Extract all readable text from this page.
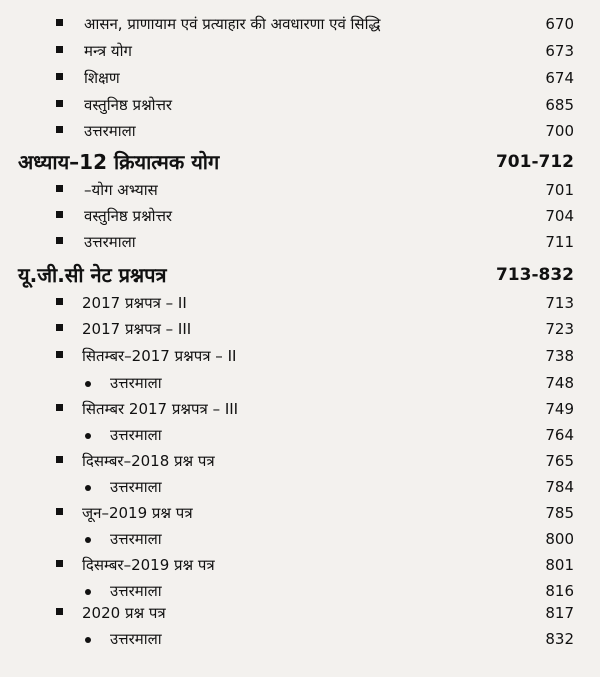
आसन, प्राणायाम एवं प्रत्याहार की अवधारणा एवं सिद्धि	670
मन्त्र योग	673
शिक्षण	674
वस्तुनिष्ठ प्रश्नोत्तर	685
उत्तरमाला	700
अध्याय–12 क्रियात्मक योग	701-712
–योग अभ्यास	701
वस्तुनिष्ठ प्रश्नोत्तर	704
उत्तरमाला	711
यू.जी.सी नेट प्रश्नपत्र	713-832
2017 प्रश्नपत्र – II	713
2017 प्रश्नपत्र – III	723
सितम्बर–2017 प्रश्नपत्र – II	738
उत्तरमाला	748
सितम्बर 2017 प्रश्नपत्र – III	749
उत्तरमाला	764
दिसम्बर–2018 प्रश्न पत्र	765
उत्तरमाला	784
जून–2019 प्रश्न पत्र	785
उत्तरमाला	800
दिसम्बर–2019 प्रश्न पत्र	801
उत्तरमाला	816
2020 प्रश्न पत्र	817
उत्तरमाला	832
